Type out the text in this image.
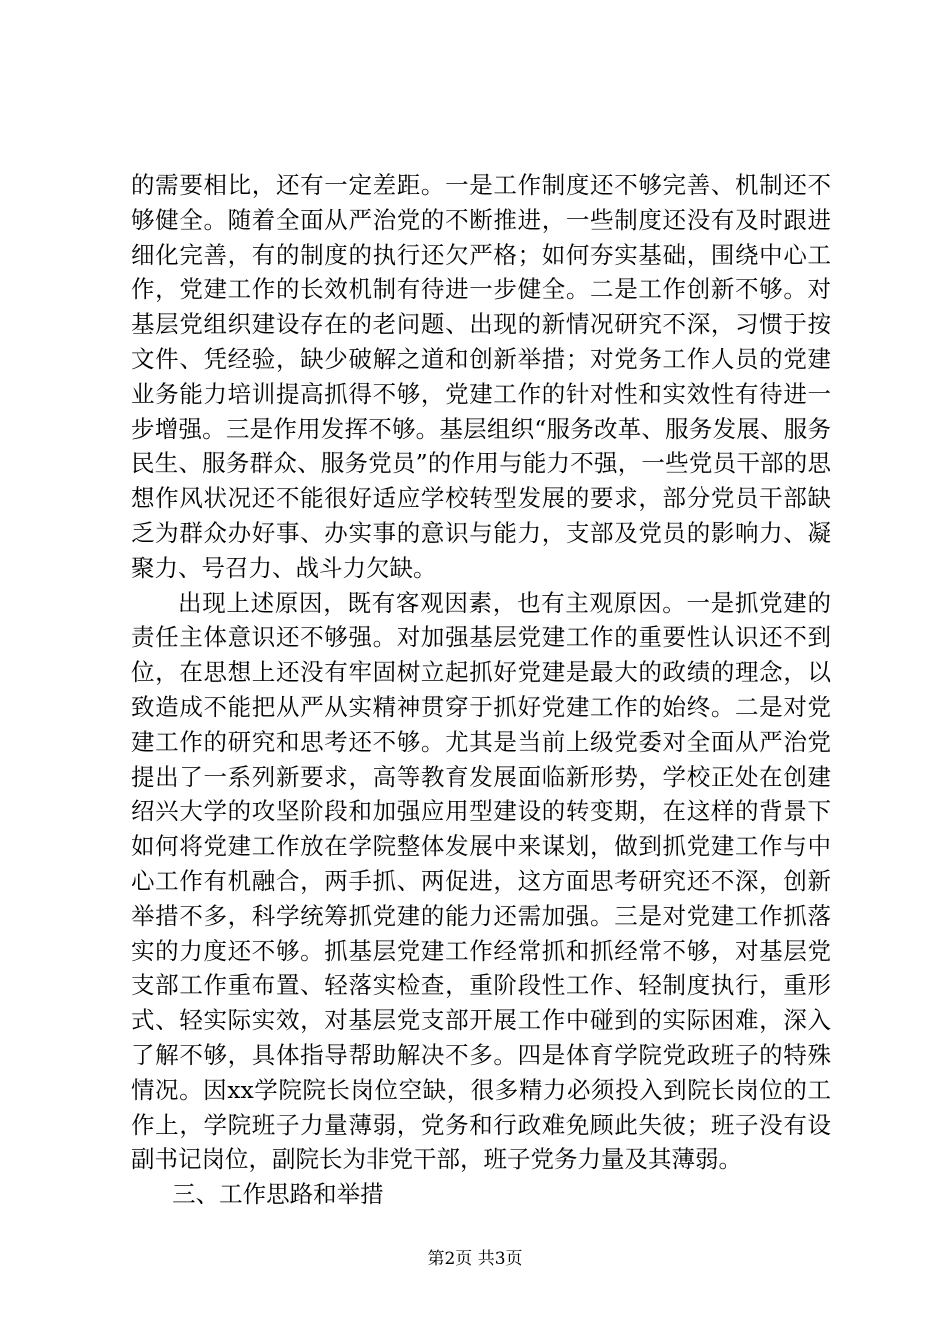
的需要相比，还有一定差距。一是工作制度还不够完善、机制还不够健全。随着全面从严治党的不断推进，一些制度还没有及时跟进细化完善，有的制度的执行还欠严格；如何夯实基础，围绕中心工作，党建工作的长效机制有待进一步健全。二是工作创新不够。对基层党组织建设存在的老问题、出现的新情况研究不深，习惯于按文件、凭经验，缺少破解之道和创新举措；对党务工作人员的党建业务能力培训提高抓得不够，党建工作的针对性和实效性有待进一步增强。三是作用发挥不够。基层组织“服务改革、服务发展、服务民生、服务群众、服务党员”的作用与能力不强，一些党员干部的思想作风状况还不能很好适应学校转型发展的要求，部分党员干部缺乏为群众办好事、办实事的意识与能力，支部及党员的影响力、凝聚力、号召力、战斗力欠缺。

出现上述原因，既有客观因素，也有主观原因。一是抓党建的责任主体意识还不够强。对加强基层党建工作的重要性认识还不到位，在思想上还没有牢固树立起抓好党建是最大的政绩的理念，以致造成不能把从严从实精神贯穿于抓好党建工作的始终。二是对党建工作的研究和思考还不够。尤其是当前上级党委对全面从严治党提出了一系列新要求，高等教育发展面临新形势，学校正处在创建绍兴大学的攻坚阶段和加强应用型建设的转变期，在这样的背景下如何将党建工作放在学院整体发展中来谋划，做到抓党建工作与中心工作有机融合，两手抓、两促进，这方面思考研究还不深，创新举措不多，科学统筹抓党建的能力还需加强。三是对党建工作抓落实的力度还不够。抓基层党建工作经常抓和抓经常不够，对基层党支部工作重布置、轻落实检查，重阶段性工作、轻制度执行，重形式、轻实际实效，对基层党支部开展工作中碰到的实际困难，深入了解不够，具体指导帮助解决不多。四是体育学院党政班子的特殊情况。因xx学院院长岗位空缺，很多精力必须投入到院长岗位的工作上，学院班子力量薄弱，党务和行政难免顾此失彼；班子没有设副书记岗位，副院长为非党干部，班子党务力量及其薄弱。

三、工作思路和举措

第2页 共3页
